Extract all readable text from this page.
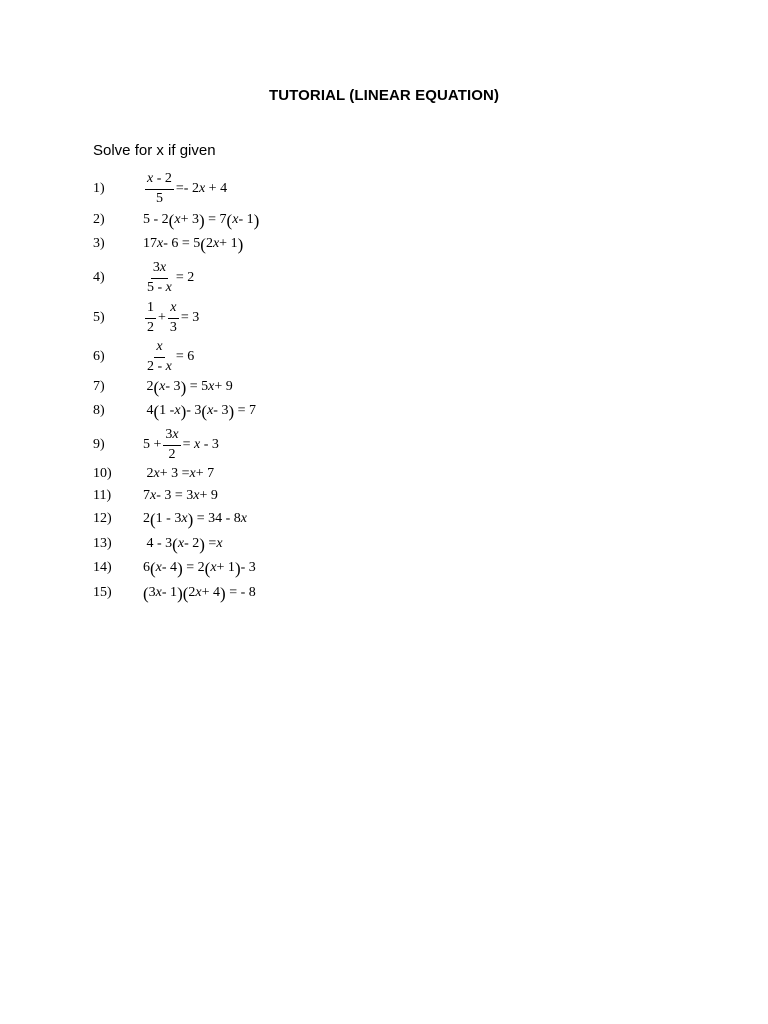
TUTORIAL (LINEAR EQUATION)
Solve for x if given
1)	$\frac{x - 2}{5} =- 2x + 4$
2)	5 - 2 ( x + 3 ) = 7 ( x - 1 )
3)	17 x - 6 = 5 ( 2 x + 1 )
4)	$\frac{3x}{5 - x} = 2$
5)	$\frac{1}{2} + \frac{x}{3} = 3$
6)	$\frac{x}{2 - x} = 6$
7)	2 ( x - 3 ) = 5 x + 9
8)	4 ( 1 - x ) - 3 ( x - 3 ) = 7
9)	$5 + \frac{3x}{2} = x - 3$
10)	2 x + 3 = x + 7
11)	7 x - 3 = 3 x + 9
12)	2 ( 1 - 3 x ) = 34 - 8 x
13)	4 - 3 ( x - 2 ) = x
14)	6 ( x - 4 ) = 2 ( x + 1 ) - 3
15)	( 3 x - 1 ) ( 2 x + 4 ) = - 8
